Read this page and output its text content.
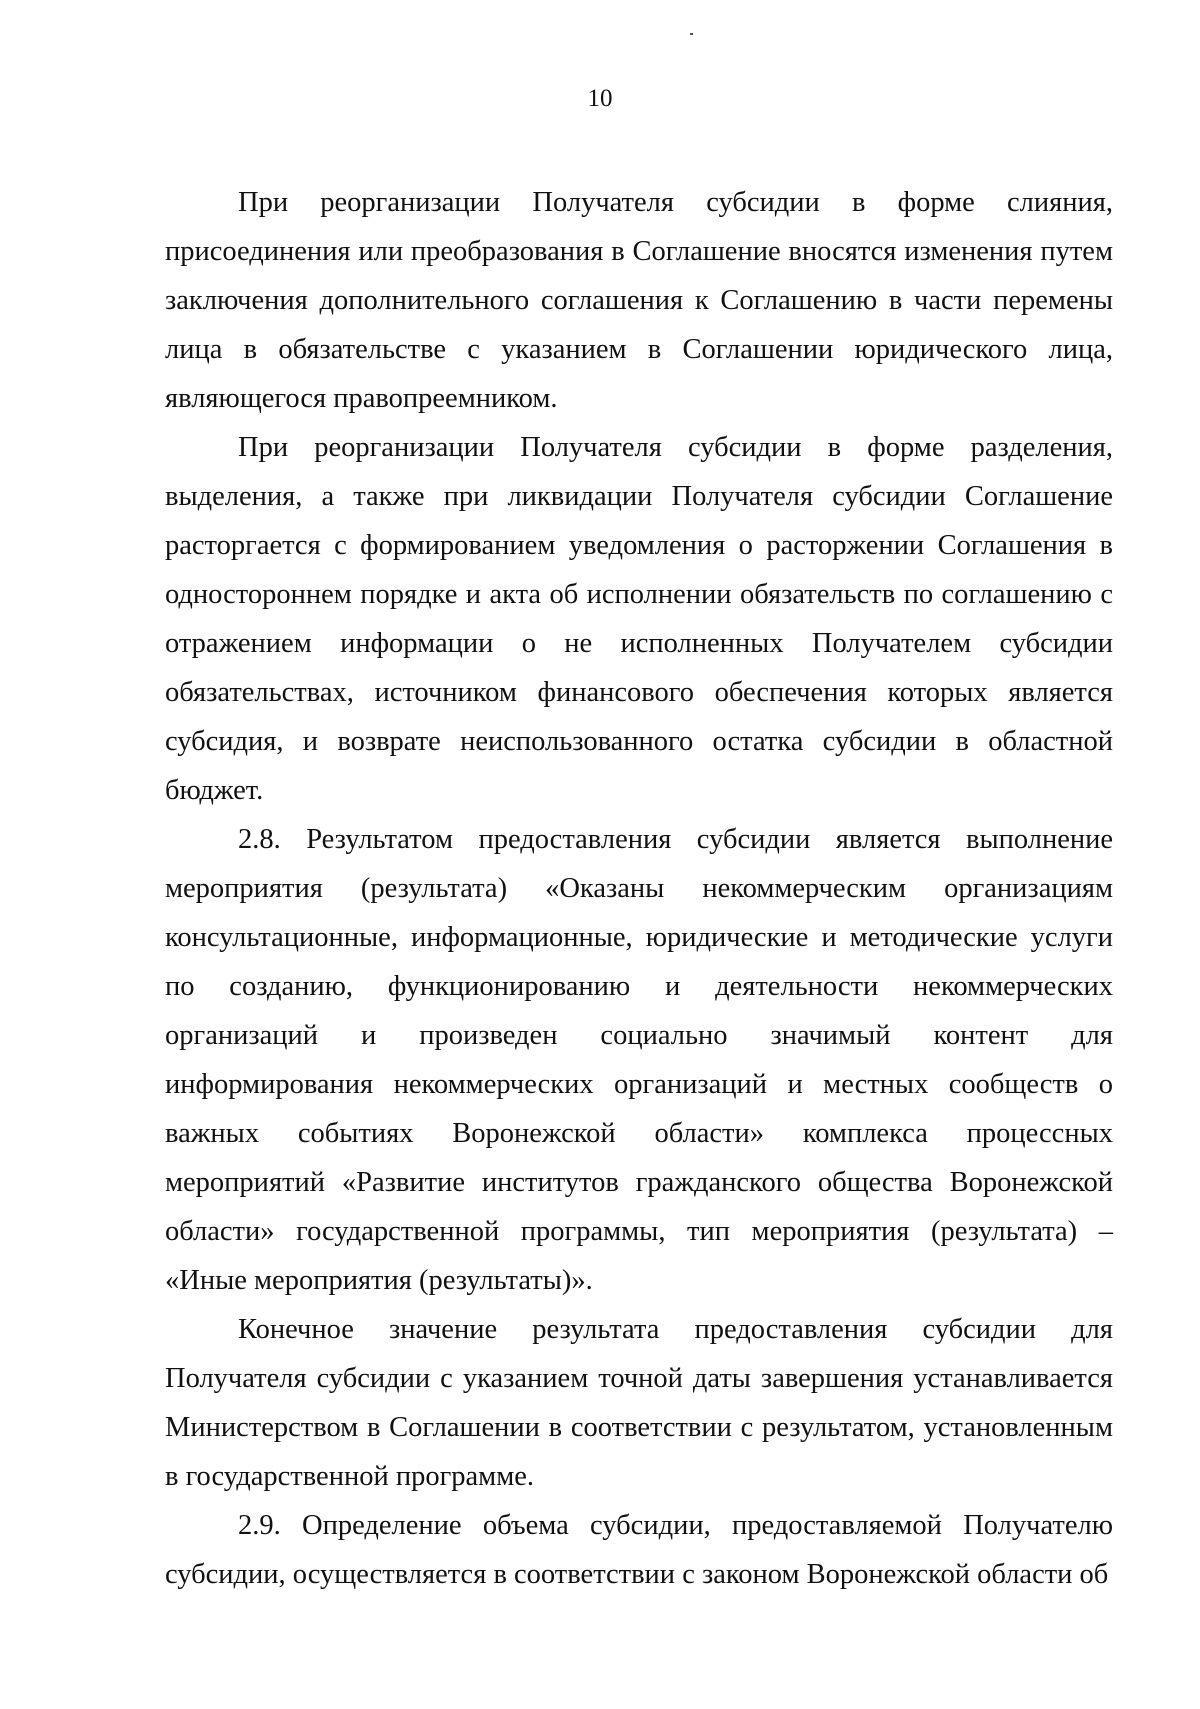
10

При реорганизации Получателя субсидии в форме слияния, присоединения или преобразования в Соглашение вносятся изменения путем заключения дополнительного соглашения к Соглашению в части перемены лица в обязательстве с указанием в Соглашении юридического лица, являющегося правопреемником.

При реорганизации Получателя субсидии в форме разделения, выделения, а также при ликвидации Получателя субсидии Соглашение расторгается с формированием уведомления о расторжении Соглашения в одностороннем порядке и акта об исполнении обязательств по соглашению с отражением информации о не исполненных Получателем субсидии обязательствах, источником финансового обеспечения которых является субсидия, и возврате неиспользованного остатка субсидии в областной бюджет.

2.8. Результатом предоставления субсидии является выполнение мероприятия (результата) «Оказаны некоммерческим организациям консультационные, информационные, юридические и методические услуги по созданию, функционированию и деятельности некоммерческих организаций и произведен социально значимый контент для информирования некоммерческих организаций и местных сообществ о важных событиях Воронежской области» комплекса процессных мероприятий «Развитие институтов гражданского общества Воронежской области» государственной программы, тип мероприятия (результата) – «Иные мероприятия (результаты)».

Конечное значение результата предоставления субсидии для Получателя субсидии с указанием точной даты завершения устанавливается Министерством в Соглашении в соответствии с результатом, установленным в государственной программе.

2.9. Определение объема субсидии, предоставляемой Получателю субсидии, осуществляется в соответствии с законом Воронежской области об
